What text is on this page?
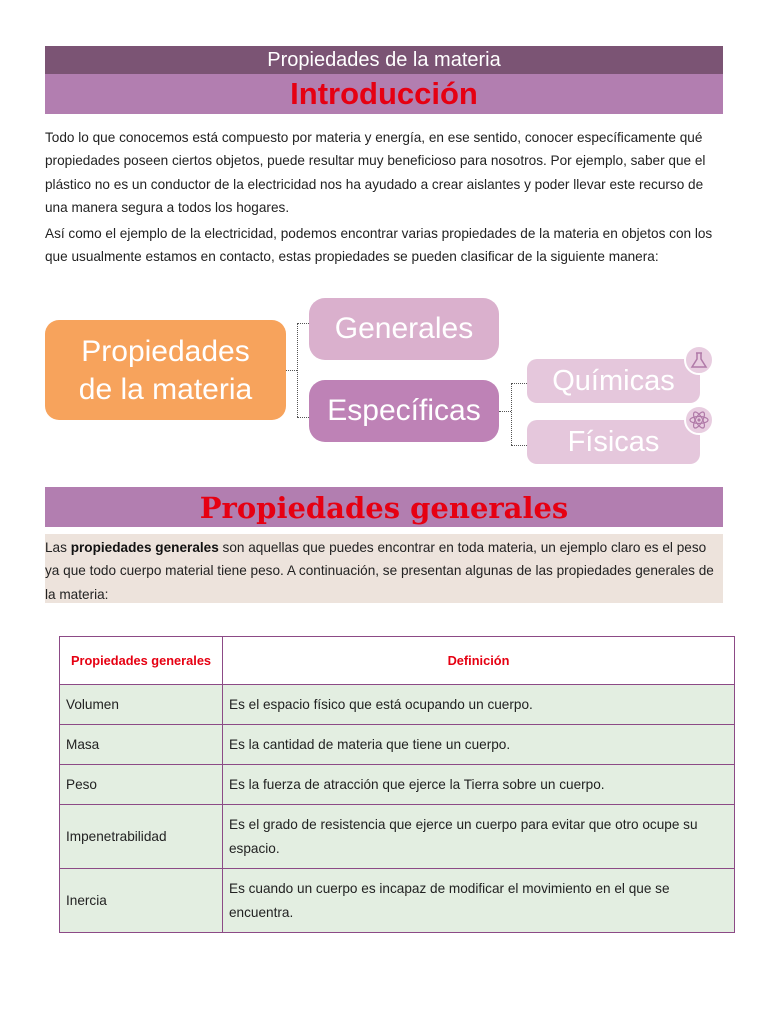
Propiedades de la materia
Introducción
Todo lo que conocemos está compuesto por materia y energía, en ese sentido, conocer específicamente qué propiedades poseen ciertos objetos, puede resultar muy beneficioso para nosotros. Por ejemplo, saber que el plástico no es un conductor de la electricidad nos ha ayudado a crear aislantes y poder llevar este recurso de una manera segura a todos los hogares.
Así como el ejemplo de la electricidad, podemos encontrar varias propiedades de la materia en objetos con los que usualmente estamos en contacto, estas propiedades se pueden clasificar de la siguiente manera:
Propiedades
de la materia
Generales
Específicas
Químicas
Físicas
Propiedades generales
Las propiedades generales son aquellas que puedes encontrar en toda materia, un ejemplo claro es el peso ya que todo cuerpo material tiene peso. A continuación, se presentan algunas de las propiedades generales de la materia:
Propiedades generales	Definición
Volumen	Es el espacio físico que está ocupando un cuerpo.
Masa	Es la cantidad de materia que tiene un cuerpo.
Peso	Es la fuerza de atracción que ejerce la Tierra sobre un cuerpo.
Impenetrabilidad	Es el grado de resistencia que ejerce un cuerpo para evitar que otro ocupe su espacio.
Inercia	Es cuando un cuerpo es incapaz de modificar el movimiento en el que se encuentra.
